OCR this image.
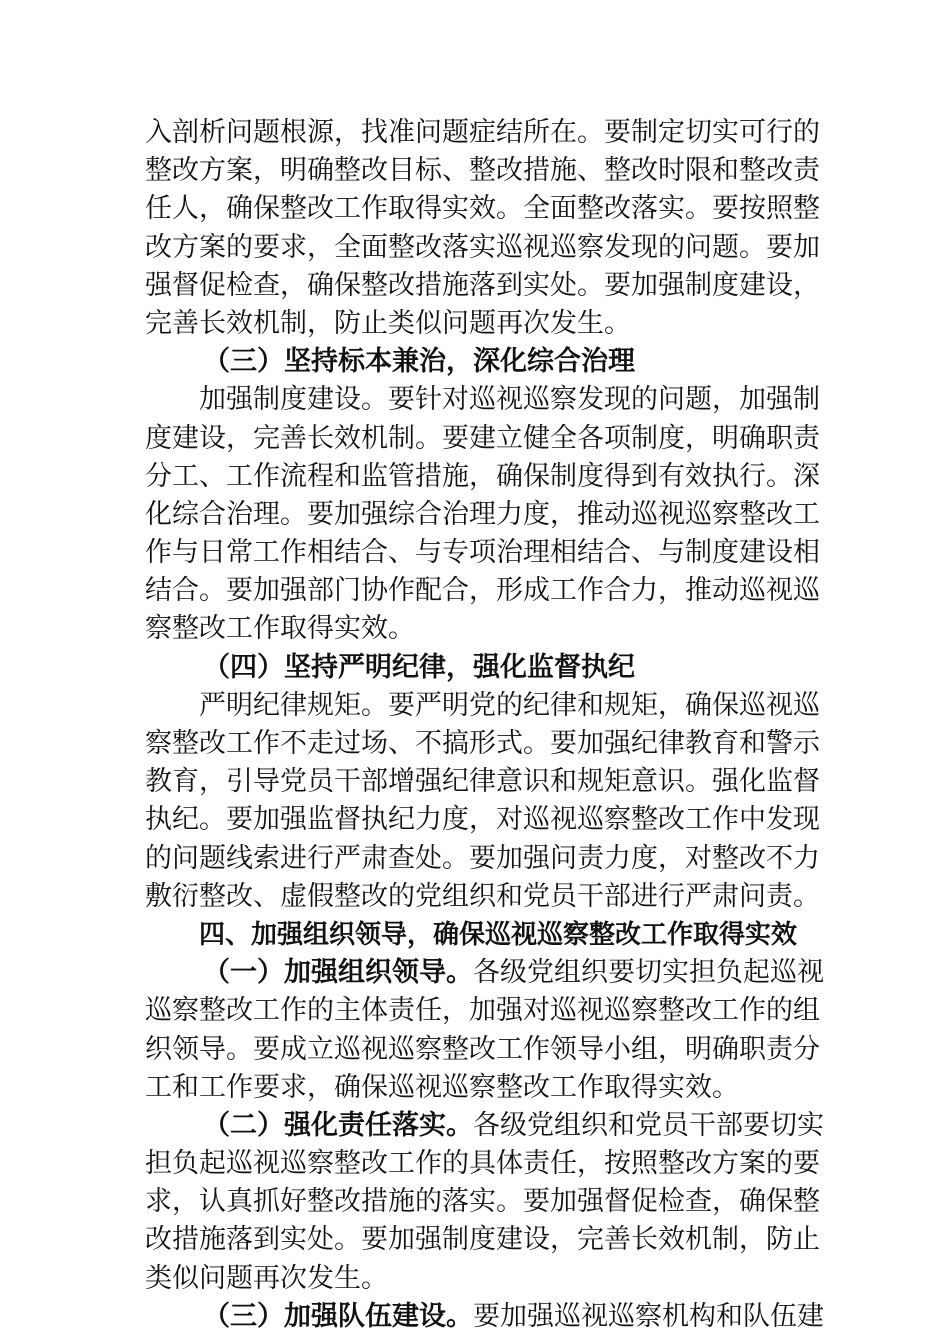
入剖析问题根源，找准问题症结所在。要制定切实可行的
整改方案，明确整改目标、整改措施、整改时限和整改责
任人，确保整改工作取得实效。全面整改落实。要按照整
改方案的要求，全面整改落实巡视巡察发现的问题。要加
强督促检查，确保整改措施落到实处。要加强制度建设，
完善长效机制，防止类似问题再次发生。
（三）坚持标本兼治，深化综合治理
加强制度建设。要针对巡视巡察发现的问题，加强制
度建设，完善长效机制。要建立健全各项制度，明确职责
分工、工作流程和监管措施，确保制度得到有效执行。深
化综合治理。要加强综合治理力度，推动巡视巡察整改工
作与日常工作相结合、与专项治理相结合、与制度建设相
结合。要加强部门协作配合，形成工作合力，推动巡视巡
察整改工作取得实效。
（四）坚持严明纪律，强化监督执纪
严明纪律规矩。要严明党的纪律和规矩，确保巡视巡
察整改工作不走过场、不搞形式。要加强纪律教育和警示
教育，引导党员干部增强纪律意识和规矩意识。强化监督
执纪。要加强监督执纪力度，对巡视巡察整改工作中发现
的问题线索进行严肃查处。要加强问责力度，对整改不力
敷衍整改、虚假整改的党组织和党员干部进行严肃问责。
四、加强组织领导，确保巡视巡察整改工作取得实效
（一）加强组织领导。各级党组织要切实担负起巡视
巡察整改工作的主体责任，加强对巡视巡察整改工作的组
织领导。要成立巡视巡察整改工作领导小组，明确职责分
工和工作要求，确保巡视巡察整改工作取得实效。
（二）强化责任落实。各级党组织和党员干部要切实
担负起巡视巡察整改工作的具体责任，按照整改方案的要
求，认真抓好整改措施的落实。要加强督促检查，确保整
改措施落到实处。要加强制度建设，完善长效机制，防止
类似问题再次发生。
（三）加强队伍建设。要加强巡视巡察机构和队伍建
